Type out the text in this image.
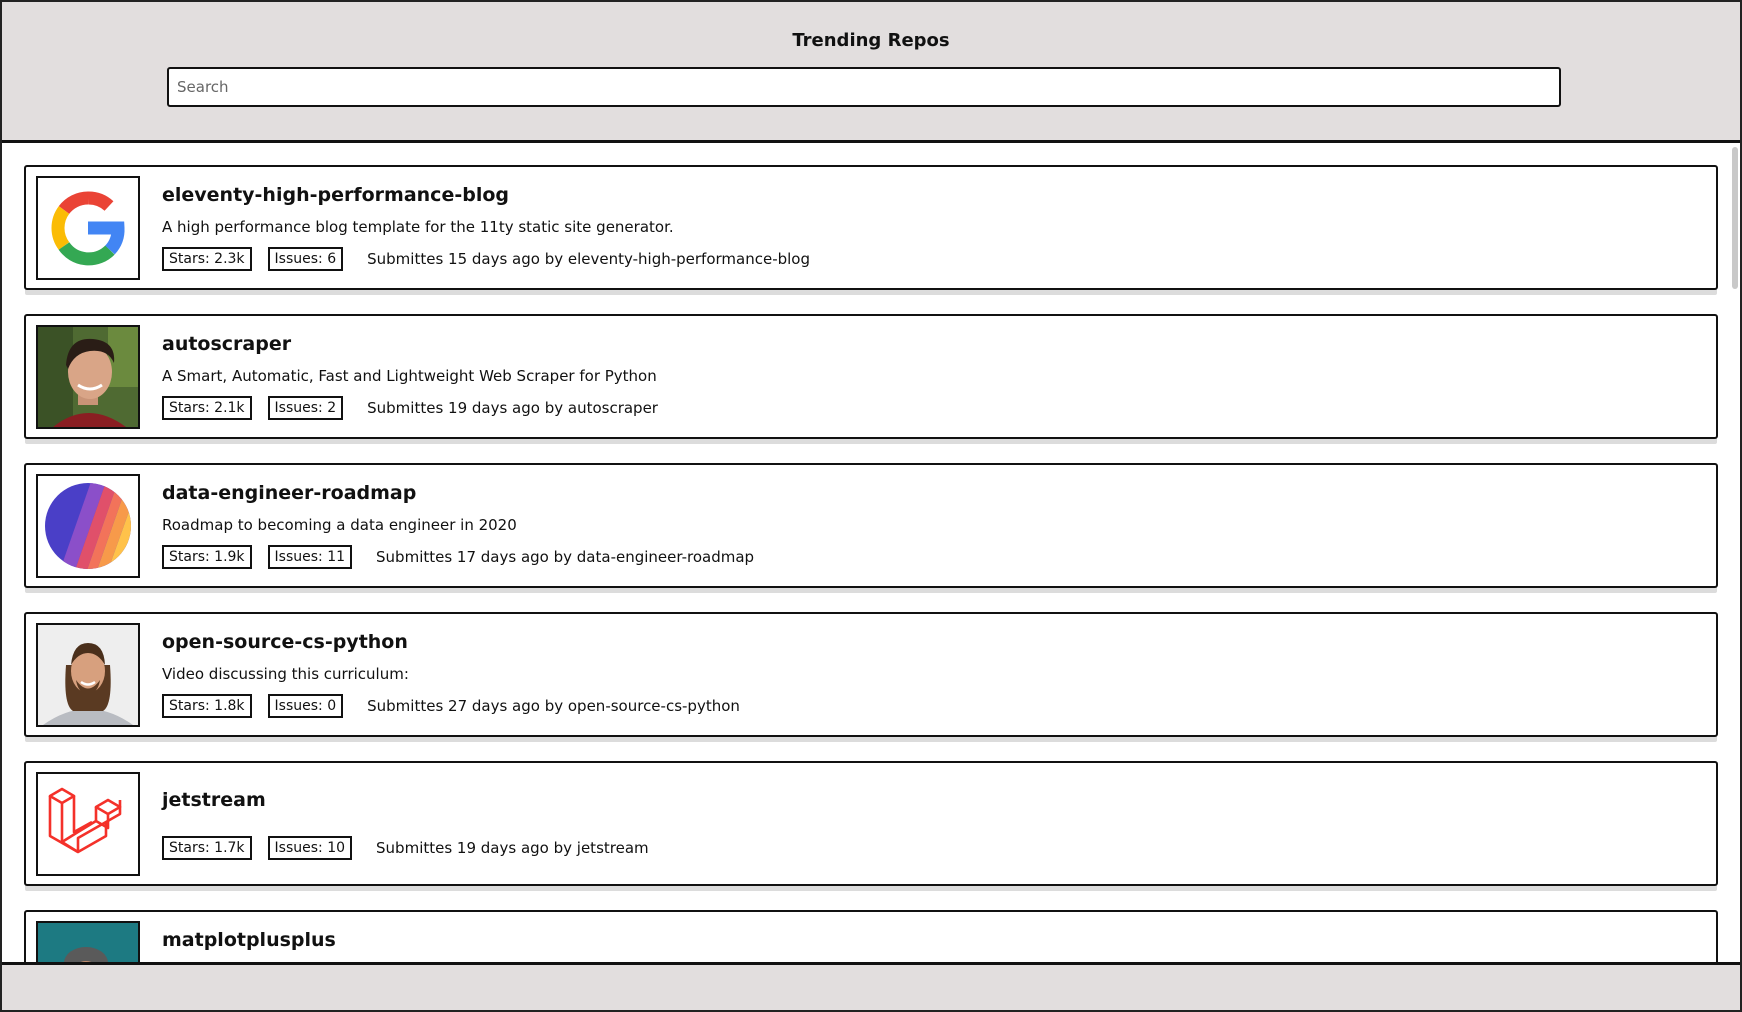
Trending Repos
Search
eleventy-high-performance-blog
A high performance blog template for the 11ty static site generator.
Stars: 2.3k	Issues: 6	Submittes 15 days ago by eleventy-high-performance-blog
autoscraper
A Smart, Automatic, Fast and Lightweight Web Scraper for Python
Stars: 2.1k	Issues: 2	Submittes 19 days ago by autoscraper
data-engineer-roadmap
Roadmap to becoming a data engineer in 2020
Stars: 1.9k	Issues: 11	Submittes 17 days ago by data-engineer-roadmap
open-source-cs-python
Video discussing this curriculum:
Stars: 1.8k	Issues: 0	Submittes 27 days ago by open-source-cs-python
jetstream
Stars: 1.7k	Issues: 10	Submittes 19 days ago by jetstream
matplotplusplus
